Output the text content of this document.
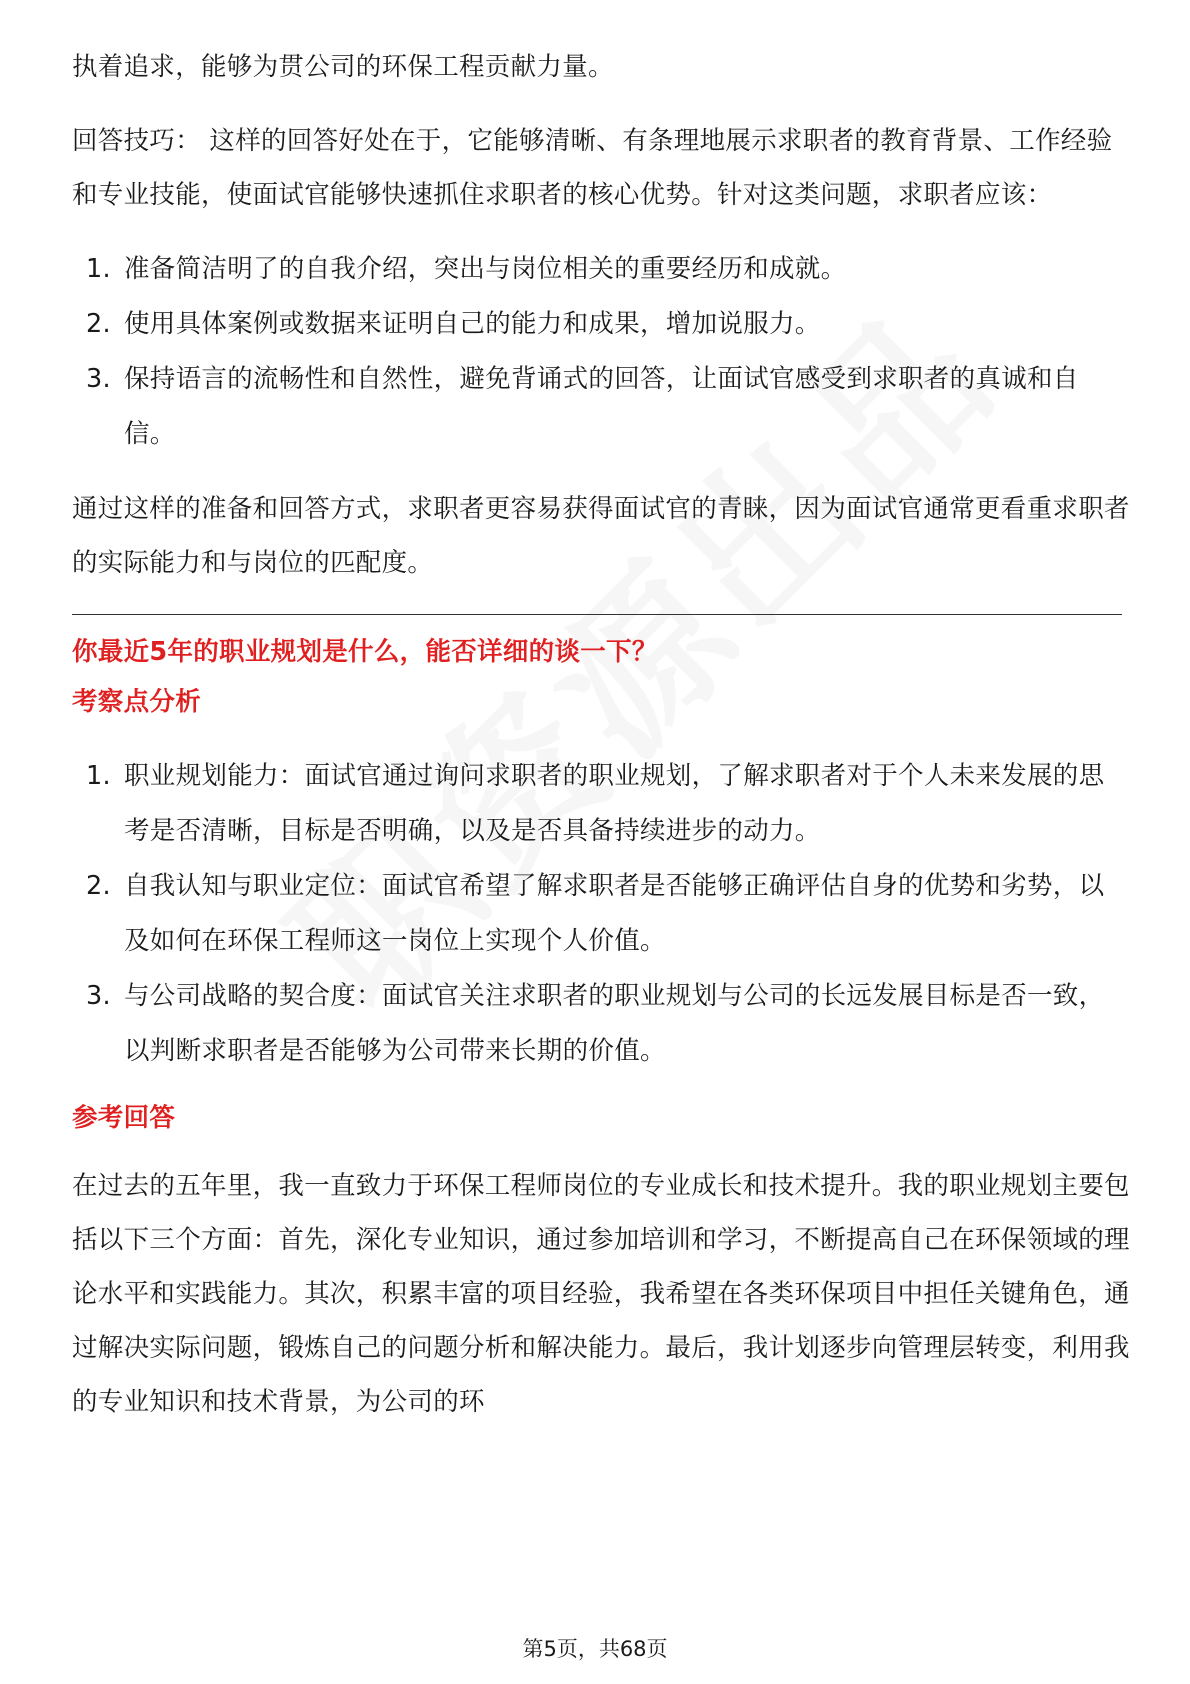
执着追求，能够为贯公司的环保工程贡献力量。

回答技巧： 这样的回答好处在于，它能够清晰、有条理地展示求职者的教育背景、工作经验和专业技能，使面试官能够快速抓住求职者的核心优势。针对这类问题，求职者应该：

1. 准备简洁明了的自我介绍，突出与岗位相关的重要经历和成就。
2. 使用具体案例或数据来证明自己的能力和成果，增加说服力。
3. 保持语言的流畅性和自然性，避免背诵式的回答，让面试官感受到求职者的真诚和自信。

通过这样的准备和回答方式，求职者更容易获得面试官的青睐，因为面试官通常更看重求职者的实际能力和与岗位的匹配度。

你最近5年的职业规划是什么，能否详细的谈一下？
考察点分析
1. 职业规划能力：面试官通过询问求职者的职业规划，了解求职者对于个人未来发展的思考是否清晰，目标是否明确，以及是否具备持续进步的动力。
2. 自我认知与职业定位：面试官希望了解求职者是否能够正确评估自身的优势和劣势，以及如何在环保工程师这一岗位上实现个人价值。
3. 与公司战略的契合度：面试官关注求职者的职业规划与公司的长远发展目标是否一致，以判断求职者是否能够为公司带来长期的价值。
参考回答

在过去的五年里，我一直致力于环保工程师岗位的专业成长和技术提升。我的职业规划主要包括以下三个方面：首先，深化专业知识，通过参加培训和学习，不断提高自己在环保领域的理论水平和实践能力。其次，积累丰富的项目经验，我希望在各类环保项目中担任关键角色，通过解决实际问题，锻炼自己的问题分析和解决能力。最后，我计划逐步向管理层转变，利用我的专业知识和技术背景，为公司的环

第5页，共68页
